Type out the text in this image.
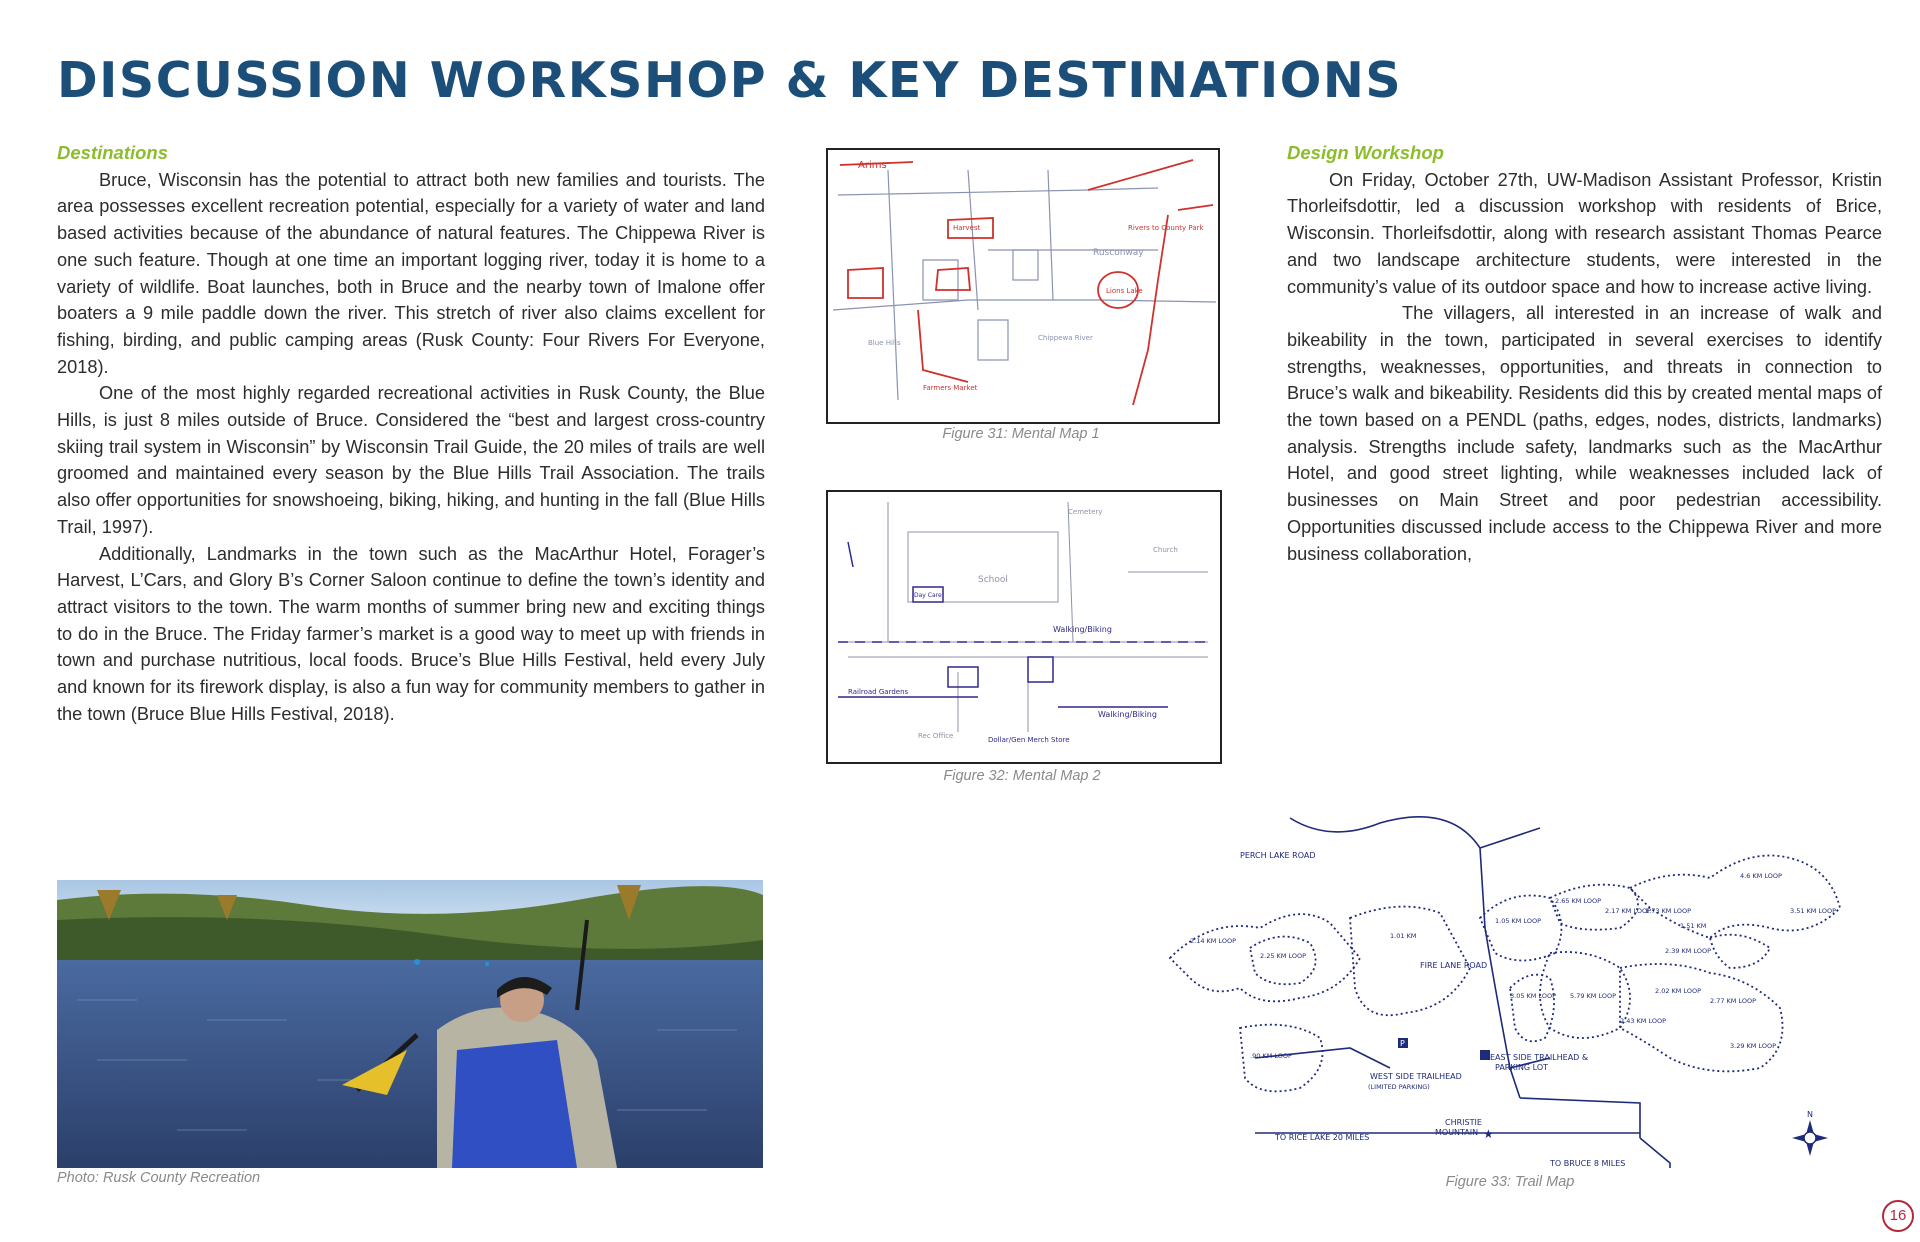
DISCUSSION WORKSHOP & KEY DESTINATIONS
Destinations

Bruce, Wisconsin has the potential to attract both new families and tourists. The area possesses excellent recreation potential, especially for a variety of water and land based activities because of the abundance of natural features. The Chippewa River is one such feature. Though at one time an important logging river, today it is home to a variety of wildlife. Boat launches, both in Bruce and the nearby town of Imalone offer boaters a 9 mile paddle down the river. This stretch of river also claims excellent for fishing, birding, and public camping areas (Rusk County: Four Rivers For Everyone, 2018).

One of the most highly regarded recreational activities in Rusk County, the Blue Hills, is just 8 miles outside of Bruce. Considered the “best and largest cross-country skiing trail system in Wisconsin” by Wisconsin Trail Guide, the 20 miles of trails are well groomed and maintained every season by the Blue Hills Trail Association. The trails also offer opportunities for snowshoeing, biking, hiking, and hunting in the fall (Blue Hills Trail, 1997).

Additionally, Landmarks in the town such as the MacArthur Hotel, Forager’s Harvest, L’Cars, and Glory B’s Corner Saloon continue to define the town’s identity and attract visitors to the town. The warm months of summer bring new and exciting things to do in the Bruce. The Friday farmer’s market is a good way to meet up with friends in town and purchase nutritious, local foods. Bruce’s Blue Hills Festival, held every July and known for its firework display, is also a fun way for community members to gather in the town (Bruce Blue Hills Festival, 2018).

Design Workshop

On Friday, October 27th, UW-Madison Assistant Professor, Kristin Thorleifsdottir, led a discussion workshop with residents of Brice, Wisconsin. Thorleifsdottir, along with research assistant Thomas Pearce and two landscape architecture students, were interested in the community’s value of its outdoor space and how to increase active living.

The villagers, all interested in an increase of walk and bikeability in the town, participated in several exercises to identify strengths, weaknesses, opportunities, and threats in connection to Bruce’s walk and bikeability. Residents did this by created mental maps of the town based on a PENDL (paths, edges, nodes, districts, landmarks) analysis. Strengths include safety, landmarks such as the MacArthur Hotel, and good street lighting, while weaknesses included lack of businesses on Main Street and poor pedestrian accessibility. Opportunities discussed include access to the Chippewa River and more business collaboration,

Arims
Rusconway
Lions Lake
Rivers to County Park
Chippewa River
Blue Hills
Harvest
Farmers Market
Figure 31: Mental Map 1
School
Day Care
Cemetery
Church
Walking/Biking
Walking/Biking
Dollar/Gen Merch Store
Railroad Gardens
Rec Office
Figure 32: Mental Map 2
Photo: Rusk County Recreation
PERCH LAKE ROAD
FIRE LANE ROAD
TO RICE LAKE 20 MILES
TO BRUCE 8 MILES
WEST SIDE TRAILHEAD
(LIMITED PARKING)
EAST SIDE TRAILHEAD &
PARKING LOT
CHRISTIE
MOUNTAIN
2.14 KM LOOP
2.25 KM LOOP
1.01 KM
1.05 KM LOOP
2.65 KM LOOP
2.17 KM LOOP
1.73 KM LOOP
4.6 KM LOOP
3.51 KM LOOP
1.51 KM
2.39 KM LOOP
3.05 KM LOOP 5.79 KM LOOP
2.77 KM LOOP
2.02 KM LOOP
2.43 KM LOOP
3.29 KM LOOP
.90 KM LOOP
P
★
N
Figure 33: Trail Map
16
